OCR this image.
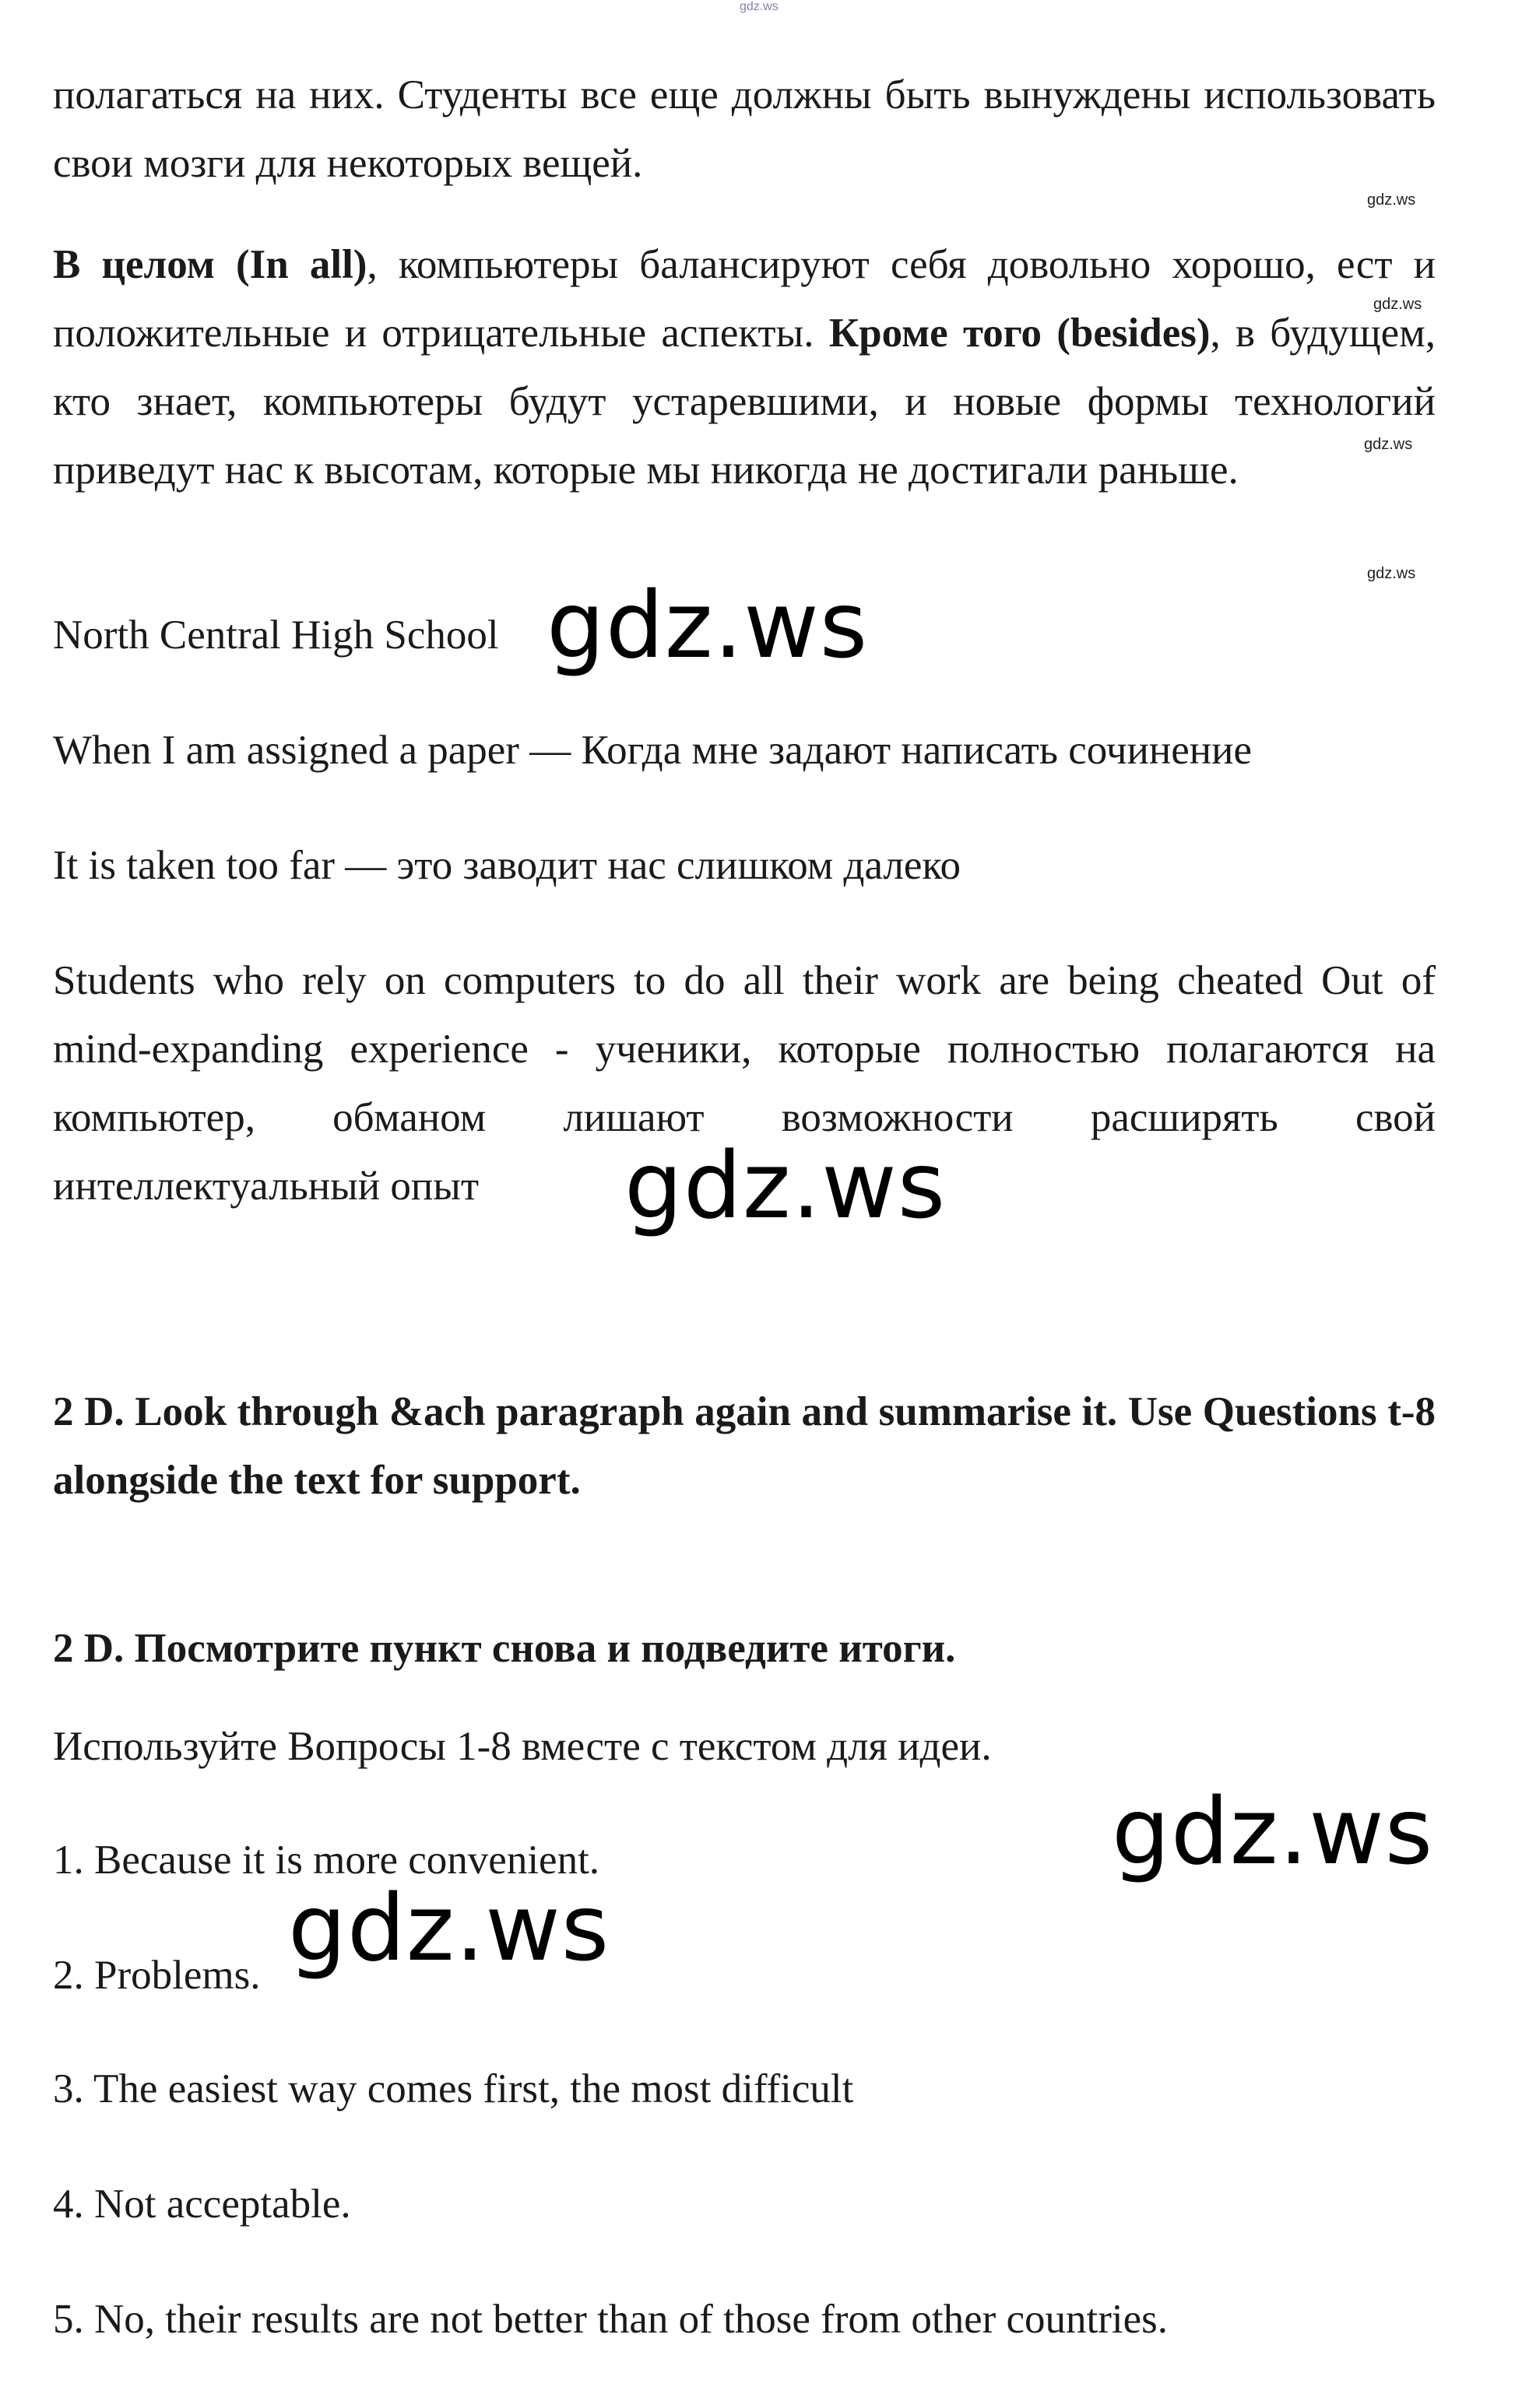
gdz.ws

полагаться на них. Студенты все еще должны быть вынуждены использовать свои мозги для некоторых вещей.

gdz.ws

В целом (In all), компьютеры балансируют себя довольно хорошо, ест и положительные и отрицательные аспекты. Кроме того (besides), в будущем, кто знает, компьютеры будут устаревшими, и новые формы технологий приведут нас к высотам, которые мы никогда не достигали раньше.

gdz.ws
gdz.ws
gdz.ws

North Central High School gdz.ws

When I am assigned a paper — Когда мне задают написать сочинение

It is taken too far — это заводит нас слишком далеко

Students who rely on computers to do all their work are being cheated Out of mind-expanding experience - ученики, которые полностью полагаются на компьютер, обманом лишают возможности расширять свой интеллектуальный опыт	gdz.ws

2 D. Look through &ach paragraph again and summarise it. Use Questions t-8 alongside the text for support.

2 D. Посмотрите пункт снова и подведите итоги.

Используйте Вопросы 1-8 вместе с текстом для идеи.

1. Because it is more convenient.	gdz.ws

2. Problems. gdz.ws

3. The easiest way comes first, the most difficult

4. Not acceptable.

5. No, their results are not better than of those from other countries.
